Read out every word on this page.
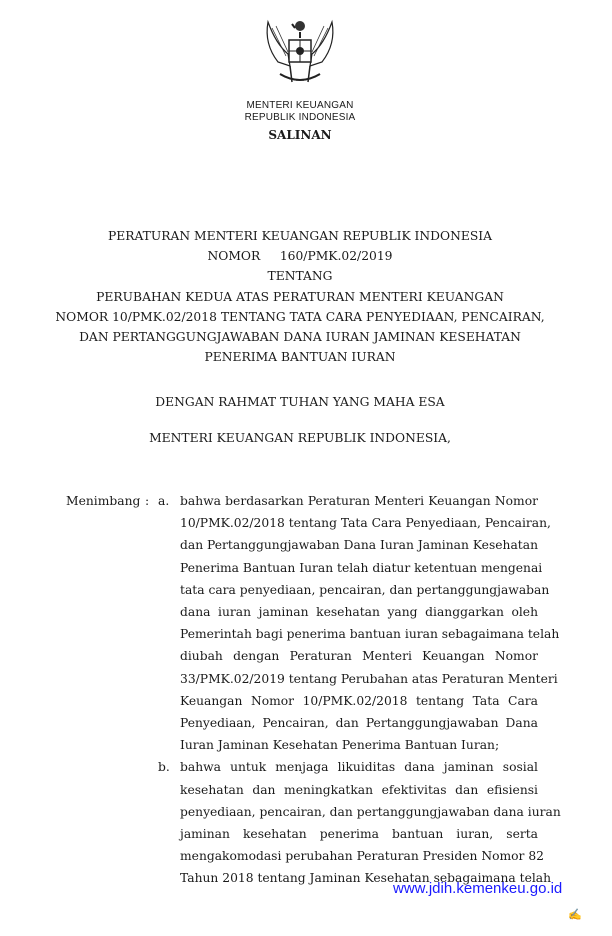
MENTERI KEUANGAN
REPUBLIK INDONESIA
SALINAN
PERATURAN MENTERI KEUANGAN REPUBLIK INDONESIA
NOMOR 160/PMK.02/2019
TENTANG
PERUBAHAN KEDUA ATAS PERATURAN MENTERI KEUANGAN
NOMOR 10/PMK.02/2018 TENTANG TATA CARA PENYEDIAAN, PENCAIRAN,
DAN PERTANGGUNGJAWABAN DANA IURAN JAMINAN KESEHATAN
PENERIMA BANTUAN IURAN
DENGAN RAHMAT TUHAN YANG MAHA ESA
MENTERI KEUANGAN REPUBLIK INDONESIA,
Menimbang : a. bahwa berdasarkan Peraturan Menteri Keuangan Nomor
10/PMK.02/2018 tentang Tata Cara Penyediaan, Pencairan,
dan Pertanggungjawaban Dana Iuran Jaminan Kesehatan
Penerima Bantuan Iuran telah diatur ketentuan mengenai
tata cara penyediaan, pencairan, dan pertanggungjawaban
dana iuran jaminan kesehatan yang dianggarkan oleh
Pemerintah bagi penerima bantuan iuran sebagaimana telah
diubah dengan Peraturan Menteri Keuangan Nomor
33/PMK.02/2019 tentang Perubahan atas Peraturan Menteri
Keuangan Nomor 10/PMK.02/2018 tentang Tata Cara
Penyediaan, Pencairan, dan Pertanggungjawaban Dana
Iuran Jaminan Kesehatan Penerima Bantuan Iuran;
b. bahwa untuk menjaga likuiditas dana jaminan sosial
kesehatan dan meningkatkan efektivitas dan efisiensi
penyediaan, pencairan, dan pertanggungjawaban dana iuran
jaminan kesehatan penerima bantuan iuran, serta
mengakomodasi perubahan Peraturan Presiden Nomor 82
Tahun 2018 tentang Jaminan Kesehatan sebagaimana telah
www.jdih.kemenkeu.go.id
✍
